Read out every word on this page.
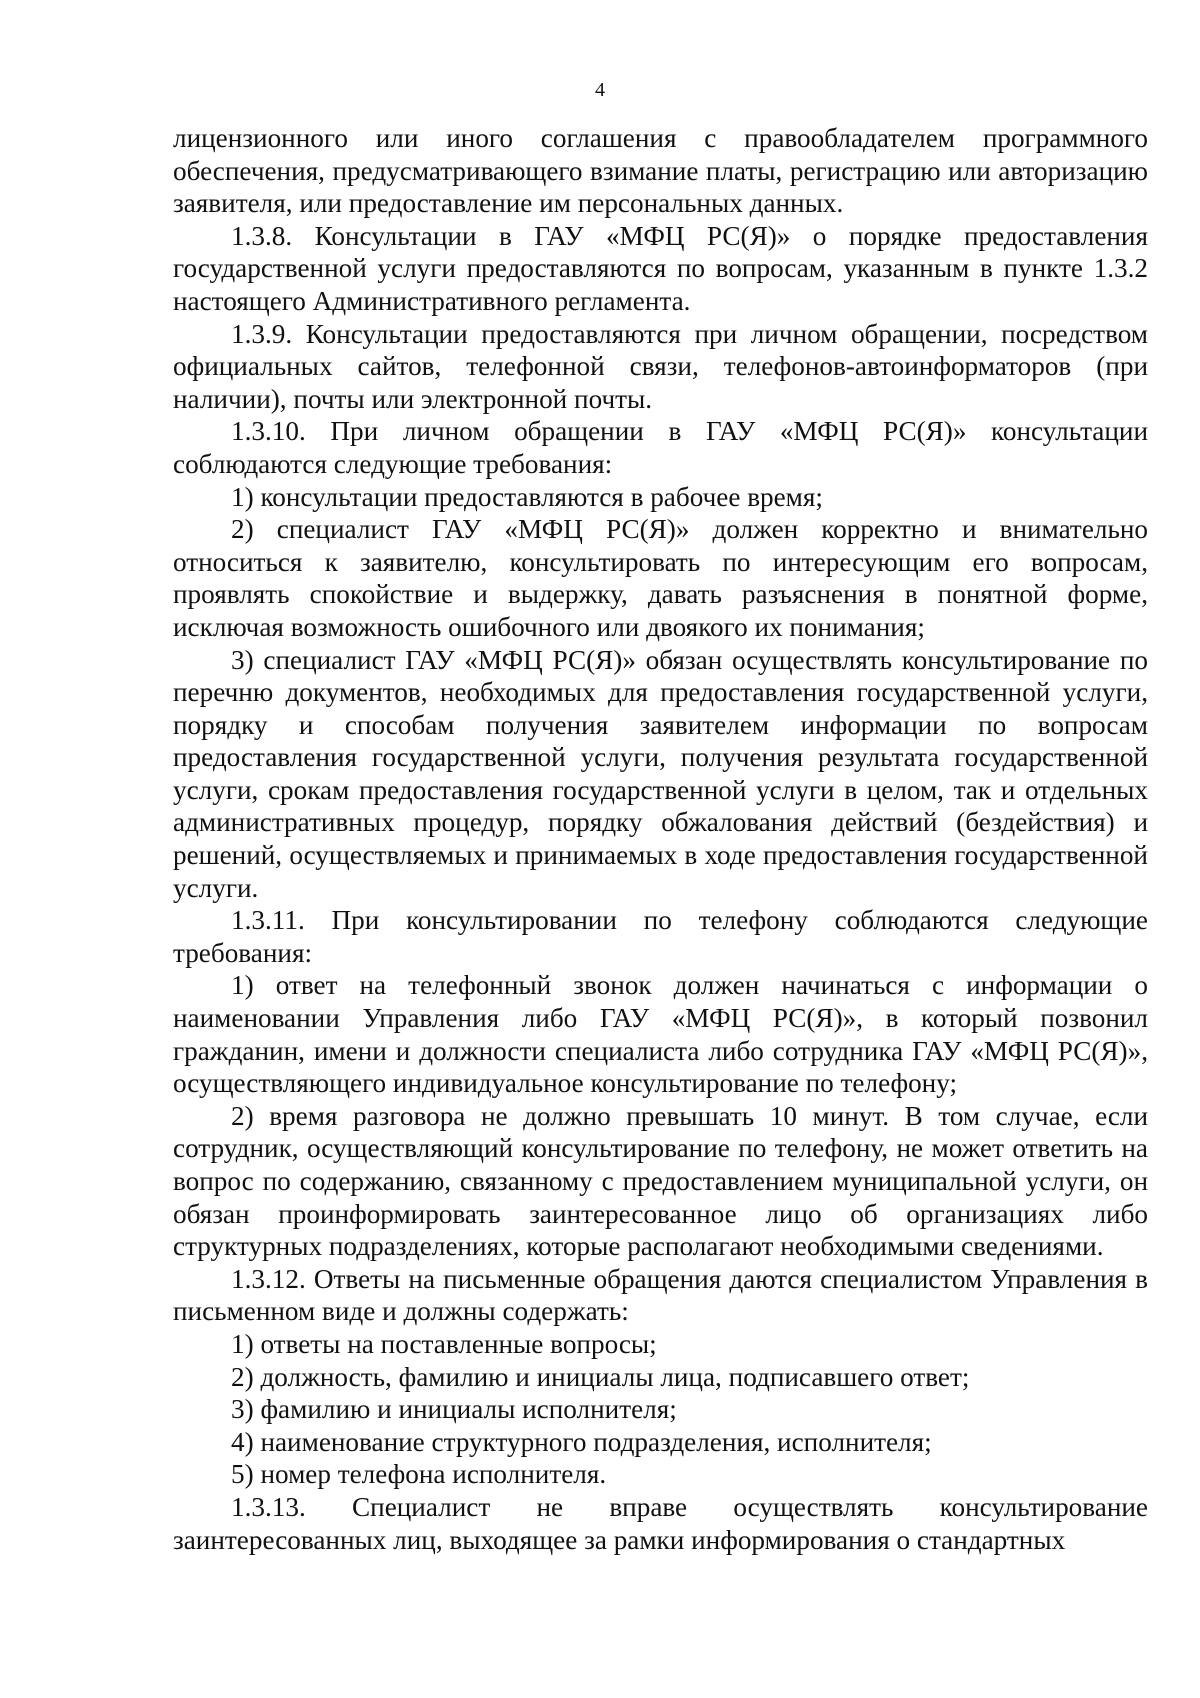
4

лицензионного или иного соглашения с правообладателем программного обеспечения, предусматривающего взимание платы, регистрацию или авторизацию заявителя, или предоставление им персональных данных.

1.3.8. Консультации в ГАУ «МФЦ РС(Я)» о порядке предоставления государственной услуги предоставляются по вопросам, указанным в пункте 1.3.2 настоящего Административного регламента.

1.3.9. Консультации предоставляются при личном обращении, посредством официальных сайтов, телефонной связи, телефонов-автоинформаторов (при наличии), почты или электронной почты.

1.3.10. При личном обращении в ГАУ «МФЦ РС(Я)» консультации соблюдаются следующие требования:

1) консультации предоставляются в рабочее время;

2) специалист ГАУ «МФЦ РС(Я)» должен корректно и внимательно относиться к заявителю, консультировать по интересующим его вопросам, проявлять спокойствие и выдержку, давать разъяснения в понятной форме, исключая возможность ошибочного или двоякого их понимания;

3) специалист ГАУ «МФЦ РС(Я)» обязан осуществлять консультирование по перечню документов, необходимых для предоставления государственной услуги, порядку и способам получения заявителем информации по вопросам предоставления государственной услуги, получения результата государственной услуги, срокам предоставления государственной услуги в целом, так и отдельных административных процедур, порядку обжалования действий (бездействия) и решений, осуществляемых и принимаемых в ходе предоставления государственной услуги.

1.3.11. При консультировании по телефону соблюдаются следующие требования:

1) ответ на телефонный звонок должен начинаться с информации о наименовании Управления либо ГАУ «МФЦ РС(Я)», в который позвонил гражданин, имени и должности специалиста либо сотрудника ГАУ «МФЦ РС(Я)», осуществляющего индивидуальное консультирование по телефону;

2) время разговора не должно превышать 10 минут. В том случае, если сотрудник, осуществляющий консультирование по телефону, не может ответить на вопрос по содержанию, связанному с предоставлением муниципальной услуги, он обязан проинформировать заинтересованное лицо об организациях либо структурных подразделениях, которые располагают необходимыми сведениями.

1.3.12. Ответы на письменные обращения даются специалистом Управления в письменном виде и должны содержать:

1) ответы на поставленные вопросы;

2) должность, фамилию и инициалы лица, подписавшего ответ;

3) фамилию и инициалы исполнителя;

4) наименование структурного подразделения, исполнителя;

5) номер телефона исполнителя.

1.3.13. Специалист не вправе осуществлять консультирование заинтересованных лиц, выходящее за рамки информирования о стандартных
